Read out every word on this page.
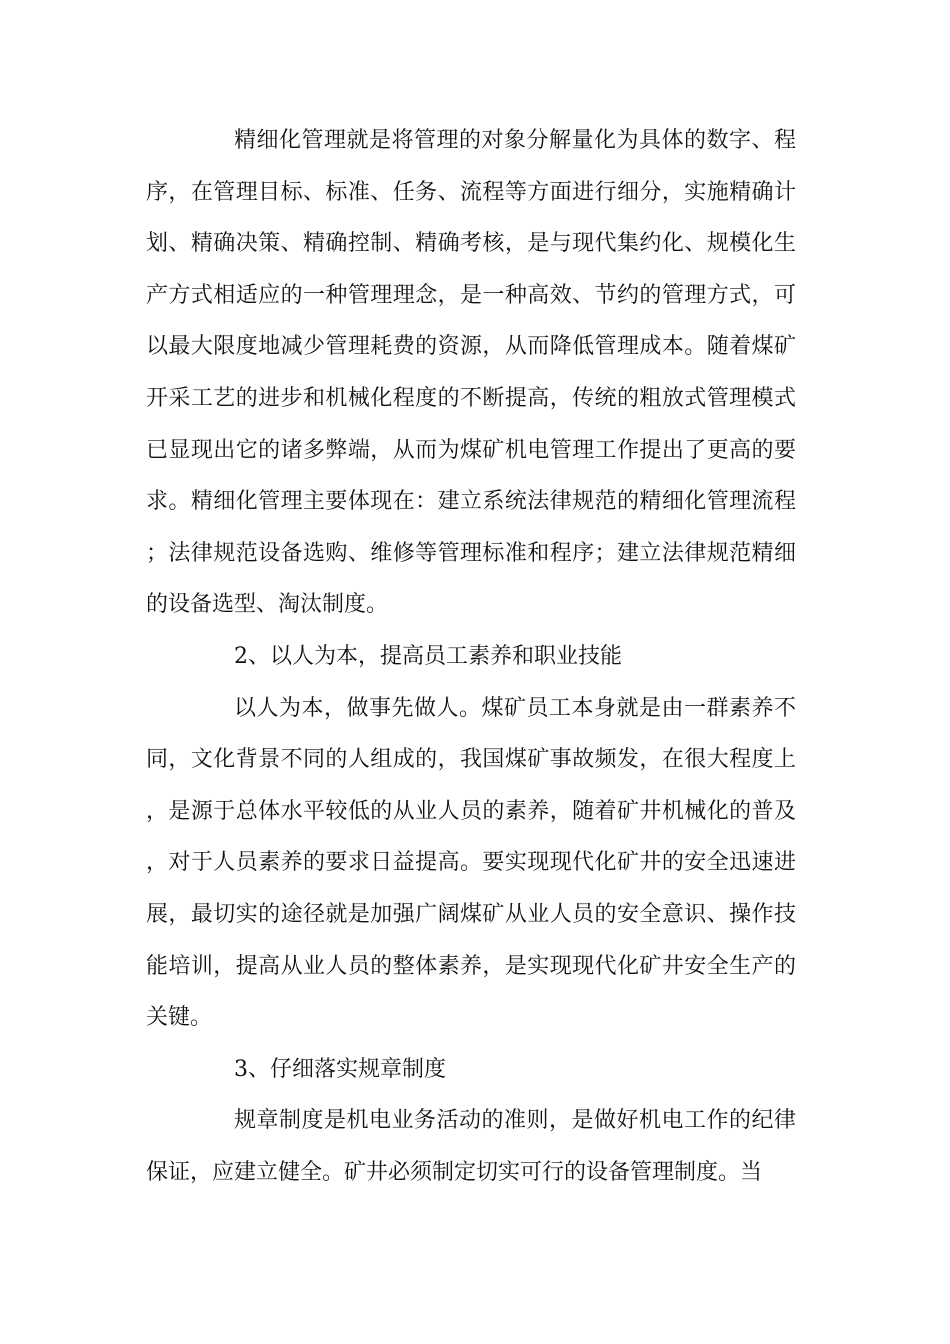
精细化管理就是将管理的对象分解量化为具体的数字、程序，在管理目标、标准、任务、流程等方面进行细分，实施精确计划、精确决策、精确控制、精确考核，是与现代集约化、规模化生产方式相适应的一种管理理念，是一种高效、节约的管理方式，可以最大限度地减少管理耗费的资源，从而降低管理成本。随着煤矿开采工艺的进步和机械化程度的不断提高，传统的粗放式管理模式已显现出它的诸多弊端，从而为煤矿机电管理工作提出了更高的要求。精细化管理主要体现在：建立系统法律规范的精细化管理流程；法律规范设备选购、维修等管理标准和程序；建立法律规范精细的设备选型、淘汰制度。

2、以人为本，提高员工素养和职业技能

以人为本，做事先做人。煤矿员工本身就是由一群素养不同，文化背景不同的人组成的，我国煤矿事故频发，在很大程度上，是源于总体水平较低的从业人员的素养，随着矿井机械化的普及，对于人员素养的要求日益提高。要实现现代化矿井的安全迅速进展，最切实的途径就是加强广阔煤矿从业人员的安全意识、操作技能培训，提高从业人员的整体素养，是实现现代化矿井安全生产的关键。

3、仔细落实规章制度

规章制度是机电业务活动的准则，是做好机电工作的纪律保证，应建立健全。矿井必须制定切实可行的设备管理制度。当
